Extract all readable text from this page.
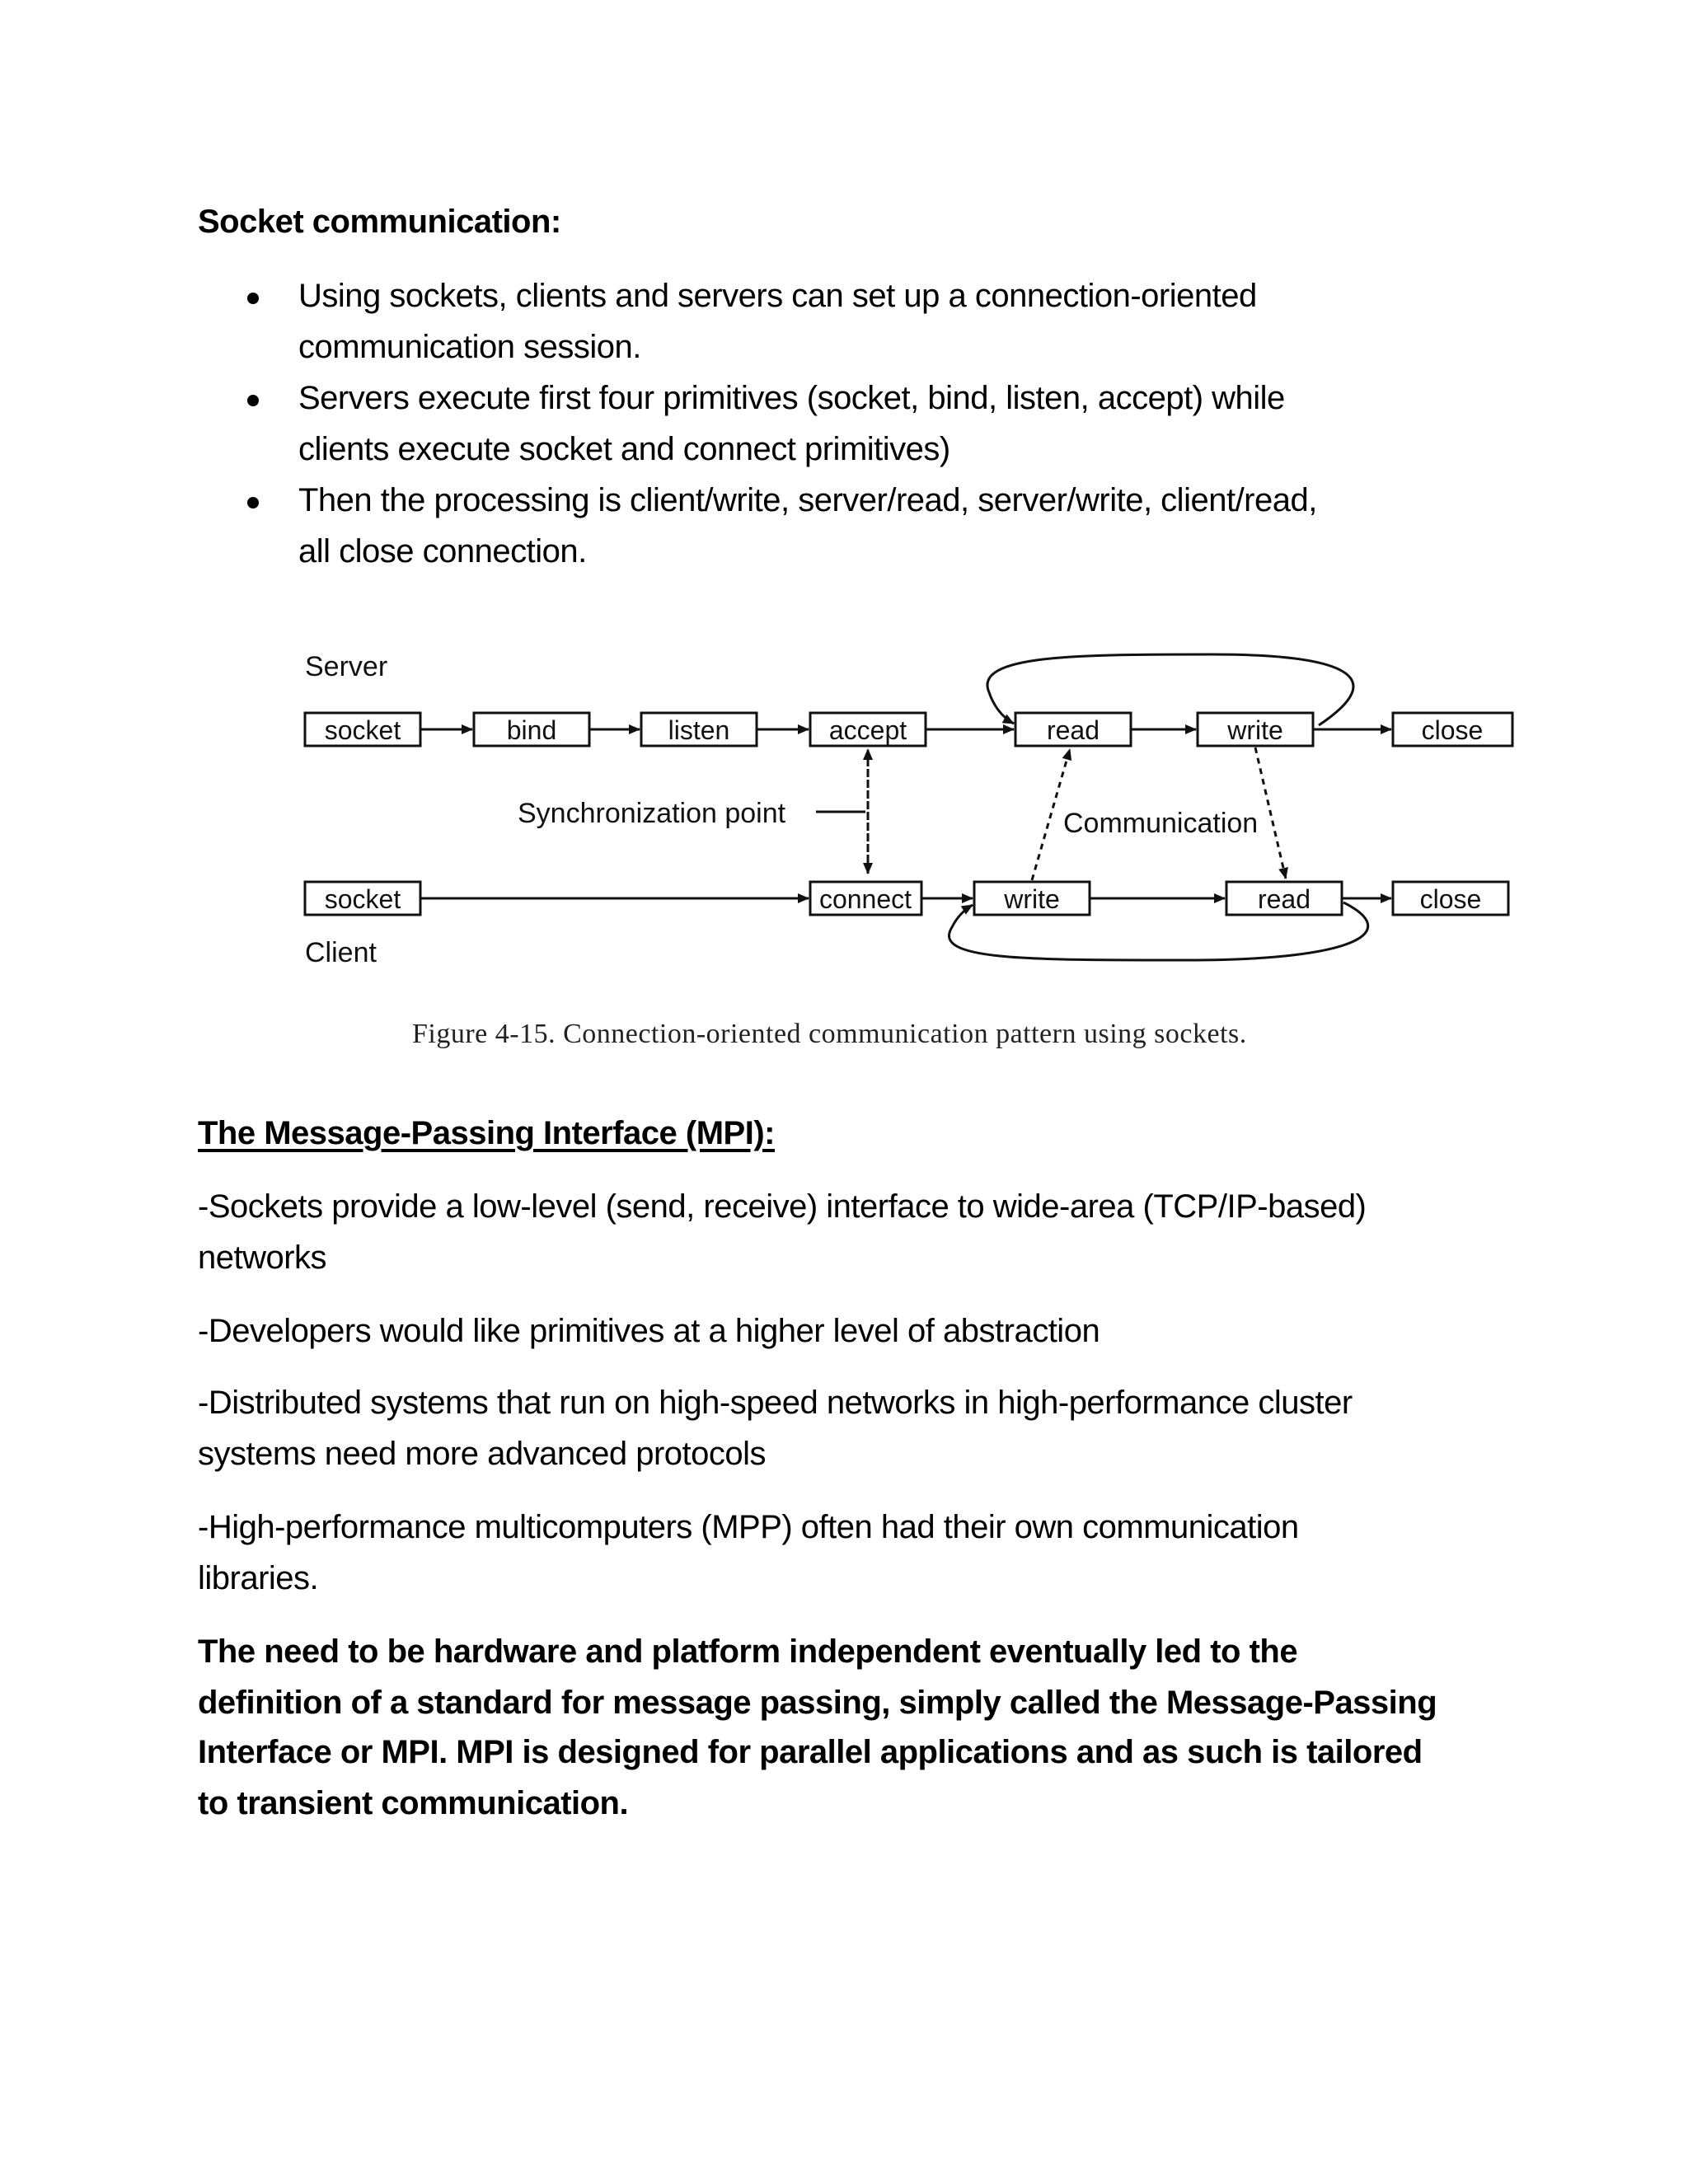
Socket communication:
Using sockets, clients and servers can set up a connection-oriented
communication session.
Servers execute first four primitives (socket, bind, listen, accept) while
clients execute socket and connect primitives)
Then the processing is client/write, server/read, server/write, client/read,
all close connection.
Server
Client
socket	bind	listen	accept	read	write	close
socket	connect	write	read	close
Synchronization point	Communication
Figure 4-15. Connection-oriented communication pattern using sockets.
The Message-Passing Interface (MPI):
-Sockets provide a low-level (send, receive) interface to wide-area (TCP/IP-based)
networks
-Developers would like primitives at a higher level of abstraction
-Distributed systems that run on high-speed networks in high-performance cluster
systems need more advanced protocols
-High-performance multicomputers (MPP) often had their own communication
libraries.
The need to be hardware and platform independent eventually led to the
definition of a standard for message passing, simply called the Message-Passing
Interface or MPI. MPI is designed for parallel applications and as such is tailored
to transient communication.
